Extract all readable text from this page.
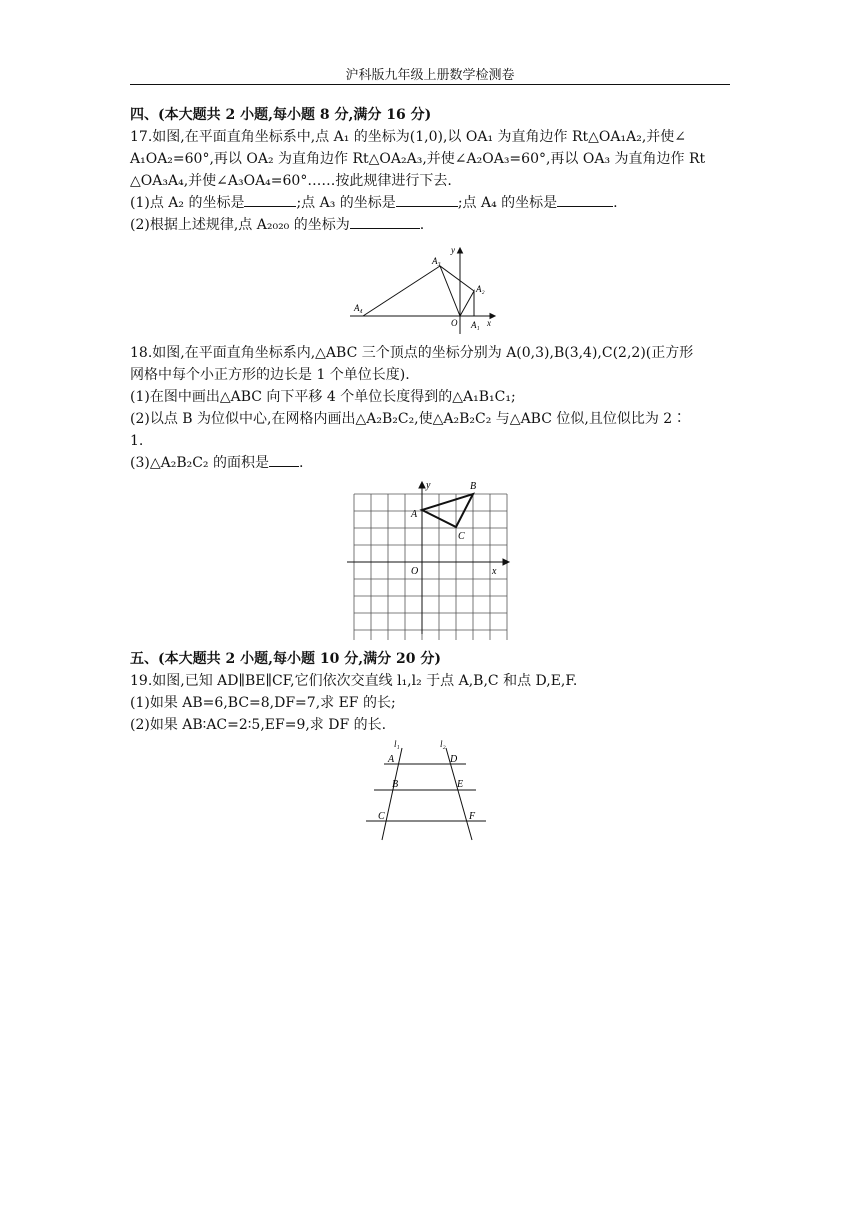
沪科版九年级上册数学检测卷

四、(本大题共 2 小题,每小题 8 分,满分 16 分)

17.如图,在平面直角坐标系中,点 A₁ 的坐标为(1,0),以 OA₁ 为直角边作 Rt△OA₁A₂,并使∠

A₁OA₂=60°,再以 OA₂ 为直角边作 Rt△OA₂A₃,并使∠A₂OA₃=60°,再以 OA₃ 为直角边作 Rt

△OA₃A₄,并使∠A₃OA₄=60°……按此规律进行下去.

(1)点 A₂ 的坐标是	;点 A₃ 的坐标是	;点 A₄ 的坐标是	.

(2)根据上述规律,点 A₂₀₂₀ 的坐标为	.

A₄
A₃
A₂
A₁
O	x
y

18.如图,在平面直角坐标系内,△ABC 三个顶点的坐标分别为 A(0,3),B(3,4),C(2,2)(正方形

网格中每个小正方形的边长是 1 个单位长度).

(1)在图中画出△ABC 向下平移 4 个单位长度得到的△A₁B₁C₁;

(2)以点 B 为位似中心,在网格内画出△A₂B₂C₂,使△A₂B₂C₂ 与△ABC 位似,且位似比为 2∶

1.

(3)△A₂B₂C₂ 的面积是 .

A
B
C
O	x
y

五、(本大题共 2 小题,每小题 10 分,满分 20 分)

19.如图,已知 AD∥BE∥CF,它们依次交直线 l₁,l₂ 于点 A,B,C 和点 D,E,F.

(1)如果 AB=6,BC=8,DF=7,求 EF 的长;

(2)如果 AB∶AC=2∶5,EF=9,求 DF 的长.

l₁	l₂
A
B
C
D
E
F
